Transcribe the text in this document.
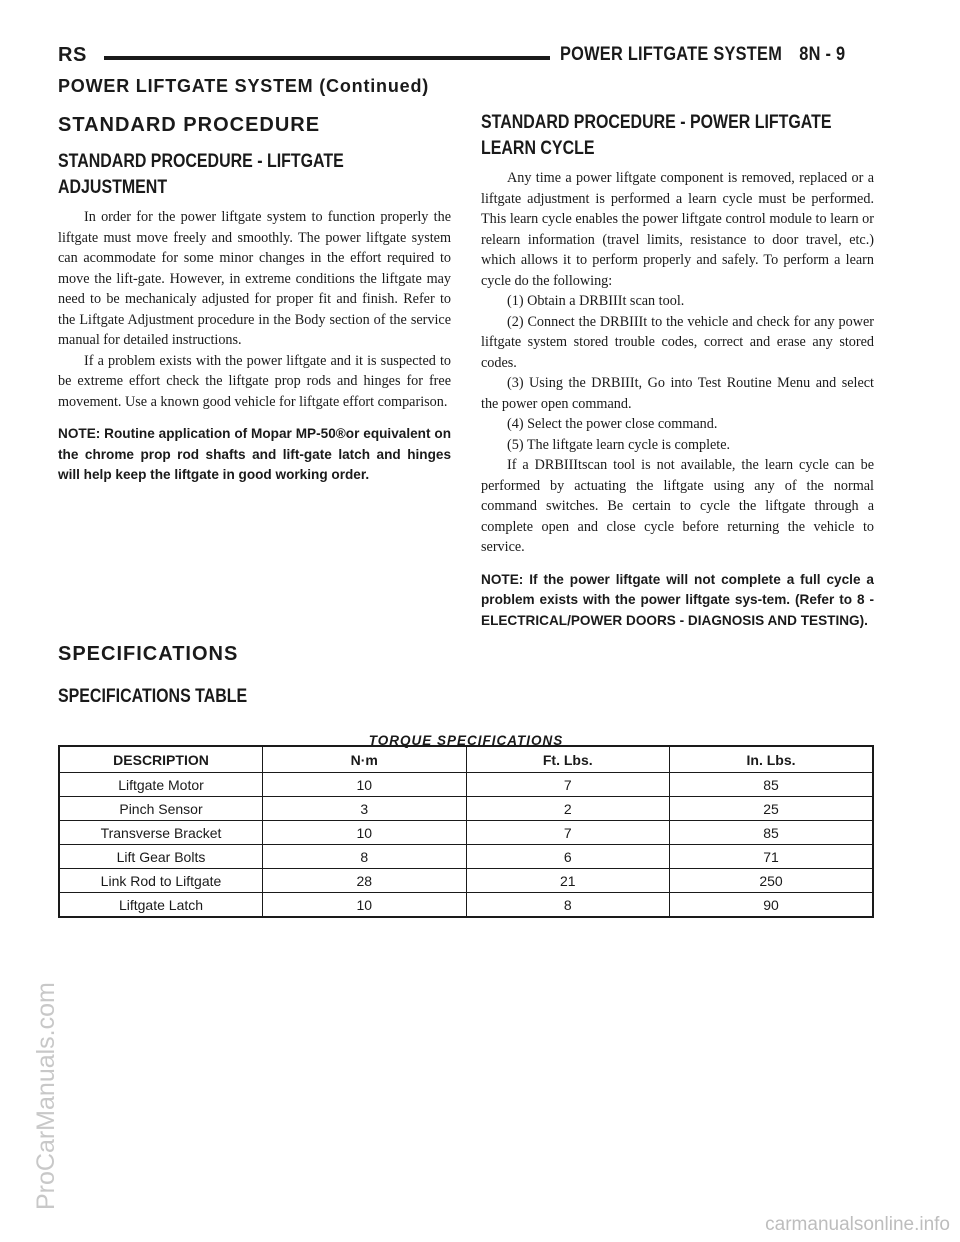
RS	POWER LIFTGATE SYSTEM 8N - 9
POWER LIFTGATE SYSTEM (Continued)
STANDARD PROCEDURE
STANDARD PROCEDURE - LIFTGATE ADJUSTMENT

In order for the power liftgate system to function properly the liftgate must move freely and smoothly. The power liftgate system can acommodate for some minor changes in the effort required to move the lift-gate. However, in extreme conditions the liftgate may need to be mechanicaly adjusted for proper fit and finish. Refer to the Liftgate Adjustment procedure in the Body section of the service manual for detailed instructions.

If a problem exists with the power liftgate and it is suspected to be extreme effort check the liftgate prop rods and hinges for free movement. Use a known good vehicle for liftgate effort comparison.

NOTE: Routine application of Mopar MP-50®or equivalent on the chrome prop rod shafts and lift-gate latch and hinges will help keep the liftgate in good working order.

STANDARD PROCEDURE - POWER LIFTGATE LEARN CYCLE

Any time a power liftgate component is removed, replaced or a liftgate adjustment is performed a learn cycle must be performed. This learn cycle enables the power liftgate control module to learn or relearn information (travel limits, resistance to door travel, etc.) which allows it to perform properly and safely. To perform a learn cycle do the following:

(1) Obtain a DRBIIIt scan tool.

(2) Connect the DRBIIIt to the vehicle and check for any power liftgate system stored trouble codes, correct and erase any stored codes.

(3) Using the DRBIIIt, Go into Test Routine Menu and select the power open command.

(4) Select the power close command.

(5) The liftgate learn cycle is complete.

If a DRBIIItscan tool is not available, the learn cycle can be performed by actuating the liftgate using any of the normal command switches. Be certain to cycle the liftgate through a complete open and close cycle before returning the vehicle to service.

NOTE: If the power liftgate will not complete a full cycle a problem exists with the power liftgate sys-tem. (Refer to 8 - ELECTRICAL/POWER DOORS - DIAGNOSIS AND TESTING).

SPECIFICATIONS
SPECIFICATIONS TABLE
TORQUE SPECIFICATIONS
DESCRIPTION	N·m	Ft. Lbs.	In. Lbs.
Liftgate Motor	10	7	85
Pinch Sensor	3	2	25
Transverse Bracket	10	7	85
Lift Gear Bolts	8	6	71
Link Rod to Liftgate	28	21	250
Liftgate Latch	10	8	90
ProCarManuals.com
carmanualsonline.info
